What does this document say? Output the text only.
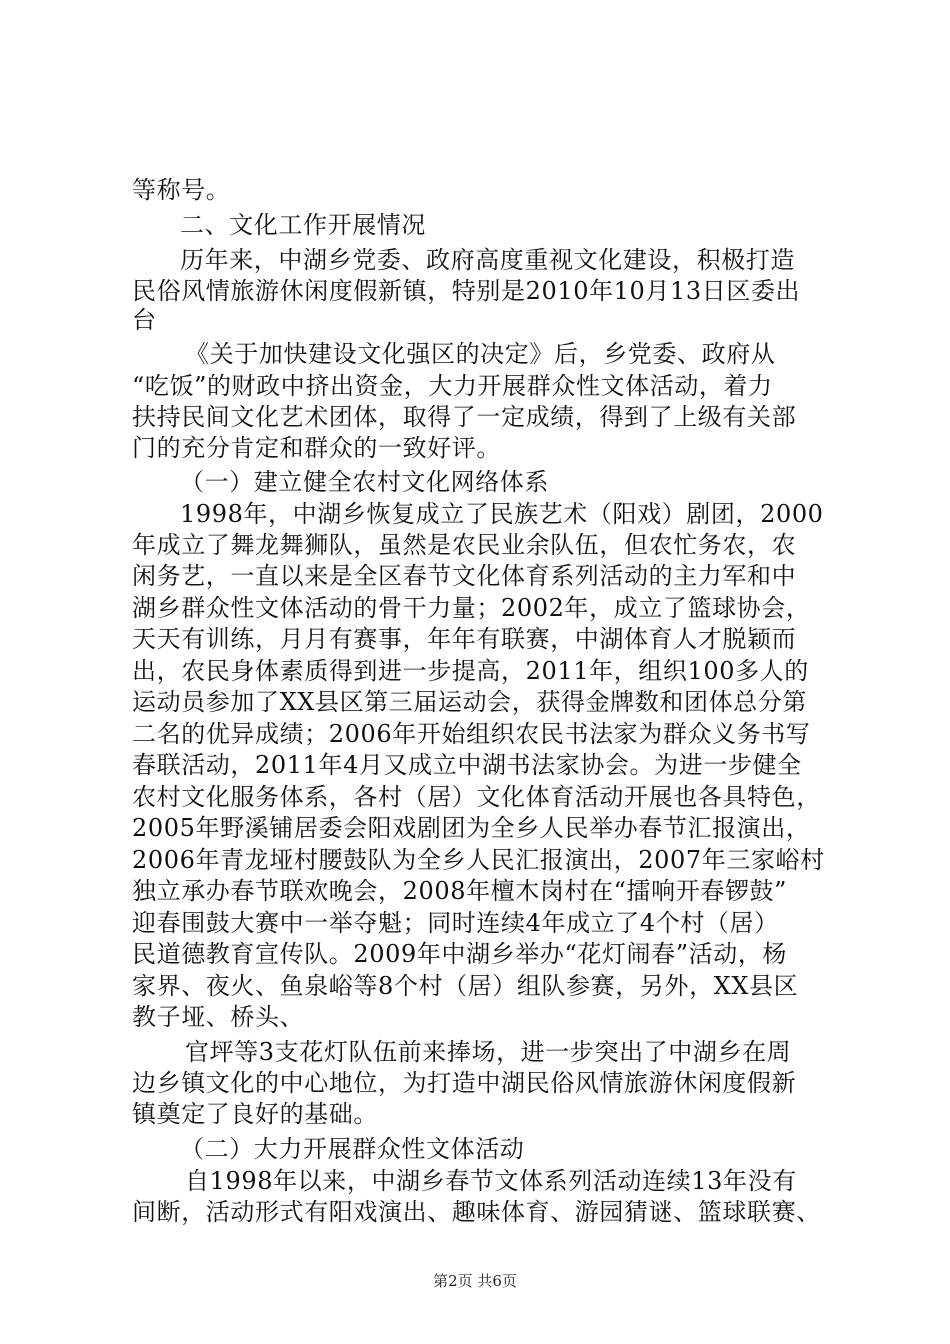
等称号。
二、文化工作开展情况
历年来，中湖乡党委、政府高度重视文化建设，积极打造
民俗风情旅游休闲度假新镇，特别是2010年10月13日区委出
台
《关于加快建设文化强区的决定》后，乡党委、政府从
“吃饭”的财政中挤出资金，大力开展群众性文体活动，着力
扶持民间文化艺术团体，取得了一定成绩，得到了上级有关部
门的充分肯定和群众的一致好评。
（一）建立健全农村文化网络体系
1998年，中湖乡恢复成立了民族艺术（阳戏）剧团，2000
年成立了舞龙舞狮队，虽然是农民业余队伍，但农忙务农，农
闲务艺，一直以来是全区春节文化体育系列活动的主力军和中
湖乡群众性文体活动的骨干力量；2002年，成立了篮球协会，
天天有训练，月月有赛事，年年有联赛，中湖体育人才脱颖而
出，农民身体素质得到进一步提高，2011年，组织100多人的
运动员参加了XX县区第三届运动会，获得金牌数和团体总分第
二名的优异成绩；2006年开始组织农民书法家为群众义务书写
春联活动，2011年4月又成立中湖书法家协会。为进一步健全
农村文化服务体系，各村（居）文化体育活动开展也各具特色，
2005年野溪铺居委会阳戏剧团为全乡人民举办春节汇报演出，
2006年青龙垭村腰鼓队为全乡人民汇报演出，2007年三家峪村
独立承办春节联欢晚会，2008年檀木岗村在“擂响开春锣鼓”
迎春围鼓大赛中一举夺魁；同时连续4年成立了4个村（居）
民道德教育宣传队。2009年中湖乡举办“花灯闹春”活动，杨
家界、夜火、鱼泉峪等8个村（居）组队参赛，另外，XX县区
教子垭、桥头、
官坪等3支花灯队伍前来捧场，进一步突出了中湖乡在周
边乡镇文化的中心地位，为打造中湖民俗风情旅游休闲度假新
镇奠定了良好的基础。
（二）大力开展群众性文体活动
自1998年以来，中湖乡春节文体系列活动连续13年没有
间断，活动形式有阳戏演出、趣味体育、游园猜谜、篮球联赛、
第2页 共6页
